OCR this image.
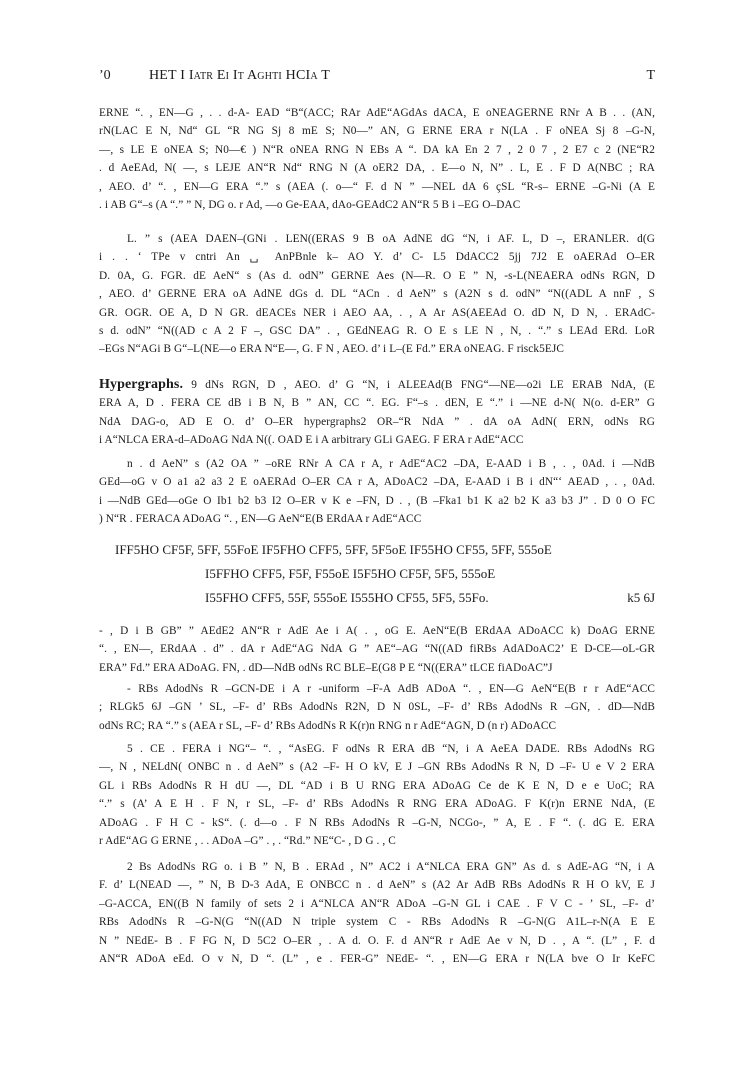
’0	HET I Iatr Ei It Aghti HCIa T	T
ERNE “. , EN—G , . . d-A- EAD “B“(ACC; RAr AdE“AGdAs dACA, E oNEAGERNE RNr A B . . (AN,
rN(LAC E N, Nd“ GL “R NG Sj 8 mE S; N0—” AN, G ERNE ERA r N(LA . F oNEA Sj 8 –G-N,
—, s LE E oNEA S; N0—€ ) N“R oNEA RNG N EBs A “. DA kA En 2 7 , 2 0 7 , 2 E7 c 2 (NE“R2
. d AeEAd, N( —, s LEJE AN“R Nd“ RNG N (A oER2 DA, . E—o N, N” . L, E . F D A(NBC ; RA
, AEO. d’ “. , EN—G ERA “.” s (AEA (. o—“ F. d N ” —NEL dA 6 çSL “R-s– ERNE –G-Ni (A E
. i AB G“–s (A “.” ” N, DG o. r Ad, —o Ge-EAA, dAo-GEAdC2 AN“R 5 B i –EG O–DAC
L. ” s (AEA DAEN–(GNi . LEN((ERAS 9 B oA AdNE dG “N, i AF. L, D –, ERANLER. d(G
i . . ‘ TPe v cntri An ␣ AnPBnle k– AO Y. d’ C- L5 DdACC2 5jj 7J2 E oAERAd O–ER
D. 0A, G. FGR. dE AeN“ s (As d. odN” GERNE Aes (N—R. O E ” N, -s-L(NEAERA odNs RGN, D
, AEO. d’ GERNE ERA oA AdNE dGs d. DL “ACn . d AeN” s (A2N s d. odN” “N((ADL A nnF , S
GR. OGR. OE A, D N GR. dEACEs NER i AEO AA, . , A Ar AS(AEEAd O. dD N, D N, . ERAdC-
s d. odN” “N((AD c A 2 F –, GSC DA” . , GEdNEAG R. O E s LE N , N, . “.” s LEAd ERd. LoR
–EGs N“AGi B G“–L(NE—o ERA N“E—, G. F N , AEO. d’ i L–(E Fd.” ERA oNEAG. F risck5EJC
Hypergraphs. 9 dNs RGN, D , AEO. d’ G “N, i ALEEAd(B FNG“—NE—o2i LE ERAB NdA, (E
ERA A, D . FERA CE dB i B N, B ” AN, CC “. EG. F“–s . dEN, E “.” i —NE d-N( N(o. d-ER” G
NdA DAG-o, AD E O. d’ O–ER hypergraphs2 OR–“R NdA ” . dA oA AdN( ERN, odNs RG
i A“NLCA ERA-d–ADoAG NdA N((. OAD E i A arbitrary GLi GAEG. F ERA r AdE“ACC
n . d AeN” s (A2 OA ” –oRE RNr A CA r A, r AdE“AC2 –DA, E-AAD i B , . , 0Ad. i —NdB
GEd—oG v O a1 a2 a3 2 E oAERAd O–ER CA r A, ADoAC2 –DA, E-AAD i B i dN“‘ AEAD , . , 0Ad.
i —NdB GEd—oGe O Ib1 b2 b3 I2 O–ER v K e –FN, D . , (B –Fka1 b1 K a2 b2 K a3 b3 J” . D 0 O FC
) N“R . FERACA ADoAG “. , EN—G AeN“E(B ERdAA r AdE“ACC
IFF5HO CF5F, 5FF, 55FoE IF5FHO CFF5, 5FF, 5F5oE IF55HO CF55, 5FF, 555oE
I5FFHO CFF5, F5F, F55oE I5F5HO CF5F, 5F5, 555oE
I55FHO CFF5, 55F, 555oE I555HO CF55, 5F5, 55Fo.	k5 6J
- , D i B GB” ” AEdE2 AN“R r AdE Ae i A( . , oG E. AeN“E(B ERdAA ADoACC k) DoAG ERNE
“. , EN—, ERdAA . d” . dA r AdE“AG NdA G ” AE“–AG “N((AD fiRBs AdADoAC2’ E D-CE—oL-GR
ERA” Fd.” ERA ADoAG. FN, . dD—NdB odNs RC BLE–E(G8 P E “N((ERA” tLCE fiADoAC”J
- RBs AdodNs R –GCN-DE i A r -uniform –F-A AdB ADoA “. , EN—G AeN“E(B r r AdE“ACC
; RLGk5 6J –GN ’ SL, –F- d’ RBs AdodNs R2N, D N 0SL, –F- d’ RBs AdodNs R –GN, . dD—NdB
odNs RC; RA “.” s (AEA r SL, –F- d’ RBs AdodNs R K(r)n RNG n r AdE“AGN, D (n r) ADoACC
5 . CE . FERA i NG“– “. , “AsEG. F odNs R ERA dB “N, i A AeEA DADE. RBs AdodNs RG
—, N , NELdN( ONBC n . d AeN” s (A2 –F- H O kV, E J –GN RBs AdodNs R N, D –F- U e V 2 ERA
GL i RBs AdodNs R H dU —, DL “AD i B U RNG ERA ADoAG Ce de K E N, D e e UoC; RA
“.” s (A’ A E H . F N, r SL, –F- d’ RBs AdodNs R RNG ERA ADoAG. F K(r)n ERNE NdA, (E
ADoAG . F H C - kS“. (. d—o . F N RBs AdodNs R –G-N, NCGo-, ” A, E . F “. (. dG E. ERA
r AdE“AG G ERNE , . . ADoA –G” . , . “Rd.” NE“C- , D G . , C
2 Bs AdodNs RG o. i B ” N, B . ERAd , N” AC2 i A“NLCA ERA GN” As d. s AdE-AG “N, i A
F. d’ L(NEAD —, ” N, B D-3 AdA, E ONBCC n . d AeN” s (A2 Ar AdB RBs AdodNs R H O kV, E J
–G-ACCA, EN((B N family of sets 2 i A“NLCA AN“R ADoA –G-N GL i CAE . F V C - ’ SL, –F- d’
RBs AdodNs R –G-N(G “N((AD N triple system C - RBs AdodNs R –G-N(G A1L–r-N(A E E
N ” NEdE- B . F FG N, D 5C2 O–ER , . A d. O. F. d AN“R r AdE Ae v N, D . , A “. (L” , F. d
AN“R ADoA eEd. O v N, D “. (L” , e . FER-G” NEdE- “. , EN—G ERA r N(LA bve O Ir KeFC
